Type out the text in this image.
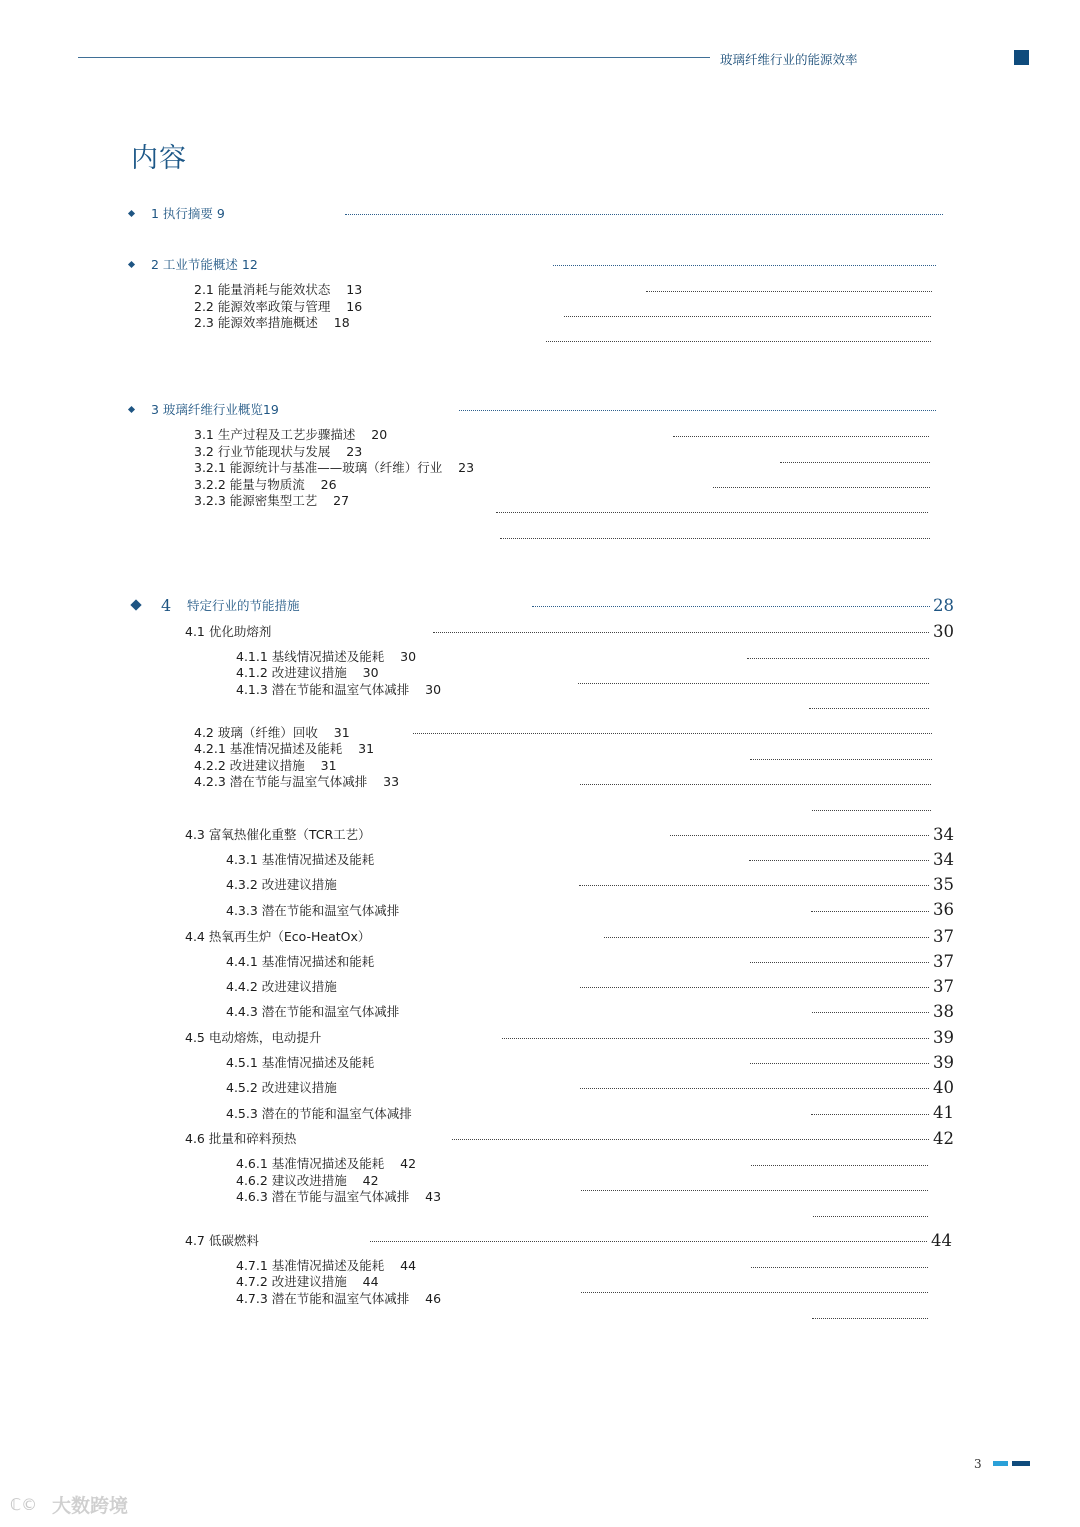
玻璃纤维行业的能源效率
内容
1 执行摘要 9
2 工业节能概述 12
2.1 能量消耗与能效状态    13
2.2 能源效率政策与管理    16
2.3 能源效率措施概述    18
3 玻璃纤维行业概览19
3.1 生产过程及工艺步骤描述    20
3.2 行业节能现状与发展    23
3.2.1 能源统计与基准——玻璃（纤维）行业    23
3.2.2 能量与物质流    26
3.2.3 能源密集型工艺    27
4 特定行业的节能措施	28
4.1 优化助熔剂	30
4.1.1 基线情况描述及能耗    30
4.1.2 改进建议措施    30
4.1.3 潜在节能和温室气体减排    30
4.2 玻璃（纤维）回收    31
4.2.1 基准情况描述及能耗    31
4.2.2 改进建议措施    31
4.2.3 潜在节能与温室气体减排    33
4.3 富氧热催化重整（TCR工艺）	34
4.3.1 基准情况描述及能耗	34
4.3.2 改进建议措施	35
4.3.3 潜在节能和温室气体减排	36
4.4 热氧再生炉（Eco-HeatOx）	37
4.4.1 基准情况描述和能耗	37
4.4.2 改进建议措施	37
4.4.3 潜在节能和温室气体减排	38
4.5 电动熔炼，电动提升	39
4.5.1 基准情况描述及能耗	39
4.5.2 改进建议措施	40
4.5.3 潜在的节能和温室气体减排	41
4.6 批量和碎料预热	42
4.6.1 基准情况描述及能耗    42
4.6.2 建议改进措施    42
4.6.3 潜在节能与温室气体减排    43
4.7 低碳燃料	44
4.7.1 基准情况描述及能耗    44
4.7.2 改进建议措施    44
4.7.3 潜在节能和温室气体减排    46
3
ℂ© 大数跨境
